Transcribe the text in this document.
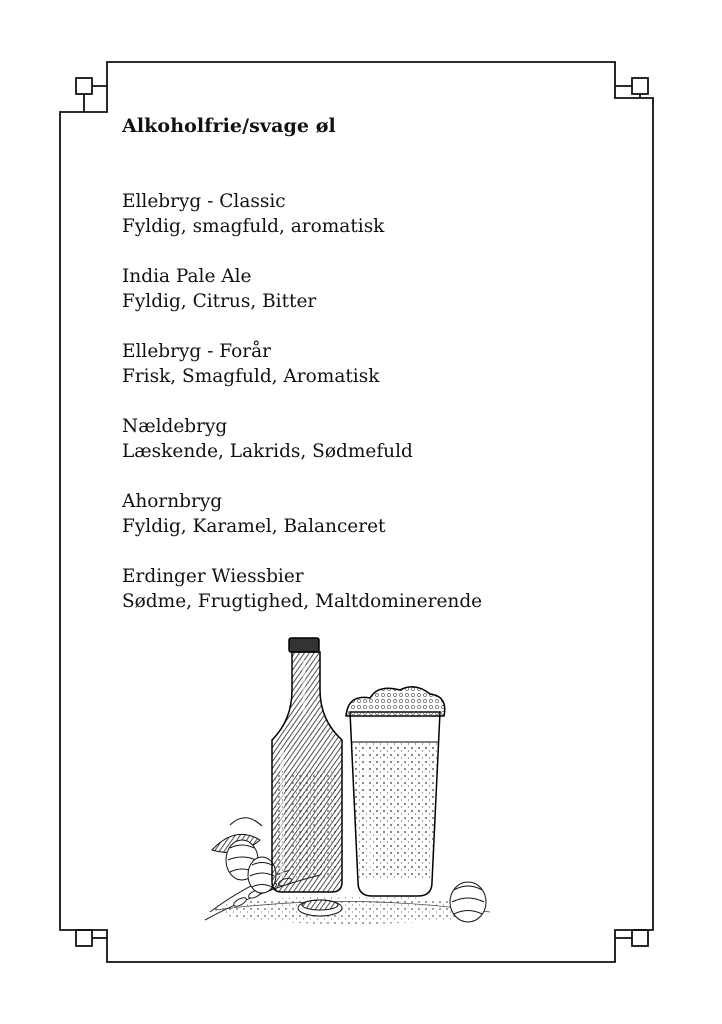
Alkoholfrie/svage øl
Ellebryg - Classic
Fyldig, smagfuld, aromatisk
India Pale Ale
Fyldig, Citrus, Bitter
Ellebryg - Forår
Frisk, Smagfuld, Aromatisk
Nældebryg
Læskende, Lakrids, Sødmefuld
Ahornbryg
Fyldig, Karamel, Balanceret
Erdinger Wiessbier
Sødme, Frugtighed, Maltdominerende
